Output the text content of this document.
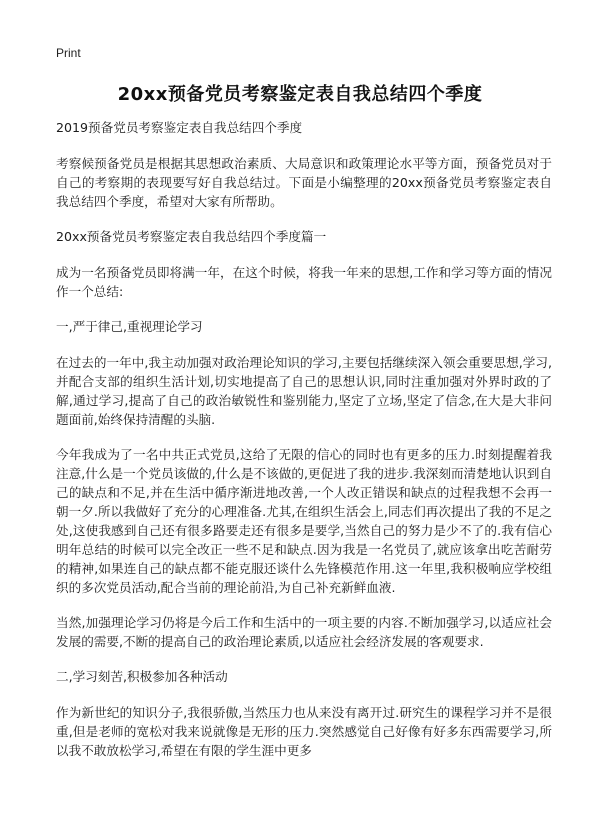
Print
20xx预备党员考察鉴定表自我总结四个季度

2019预备党员考察鉴定表自我总结四个季度

考察候预备党员是根据其思想政治素质、大局意识和政策理论水平等方面，预备党员对于自己的考察期的表现要写好自我总结过。下面是小编整理的20xx预备党员考察鉴定表自我总结四个季度，希望对大家有所帮助。

20xx预备党员考察鉴定表自我总结四个季度篇一

成为一名预备党员即将满一年，在这个时候，将我一年来的思想,工作和学习等方面的情况作一个总结:

一,严于律己,重视理论学习

在过去的一年中,我主动加强对政治理论知识的学习,主要包括继续深入领会重要思想,学习,并配合支部的组织生活计划,切实地提高了自己的思想认识,同时注重加强对外界时政的了解,通过学习,提高了自己的政治敏锐性和鉴别能力,坚定了立场,坚定了信念,在大是大非问题面前,始终保持清醒的头脑.

今年我成为了一名中共正式党员,这给了无限的信心的同时也有更多的压力.时刻提醒着我注意,什么是一个党员该做的,什么是不该做的,更促进了我的进步.我深刻而清楚地认识到自己的缺点和不足,并在生活中循序渐进地改善,一个人改正错误和缺点的过程我想不会再一朝一夕.所以我做好了充分的心理准备.尤其,在组织生活会上,同志们再次提出了我的不足之处,这使我感到自己还有很多路要走还有很多是要学,当然自己的努力是少不了的.我有信心明年总结的时候可以完全改正一些不足和缺点.因为我是一名党员了,就应该拿出吃苦耐劳的精神,如果连自己的缺点都不能克服还谈什么先锋模范作用.这一年里,我积极响应学校组织的多次党员活动,配合当前的理论前沿,为自己补充新鲜血液.

当然,加强理论学习仍将是今后工作和生活中的一项主要的内容.不断加强学习,以适应社会发展的需要,不断的提高自己的政治理论素质,以适应社会经济发展的客观要求.

二,学习刻苦,积极参加各种活动

作为新世纪的知识分子,我很骄傲,当然压力也从来没有离开过.研究生的课程学习并不是很重,但是老师的宽松对我来说就像是无形的压力.突然感觉自己好像有好多东西需要学习,所以我不敢放松学习,希望在有限的学生涯中更多
